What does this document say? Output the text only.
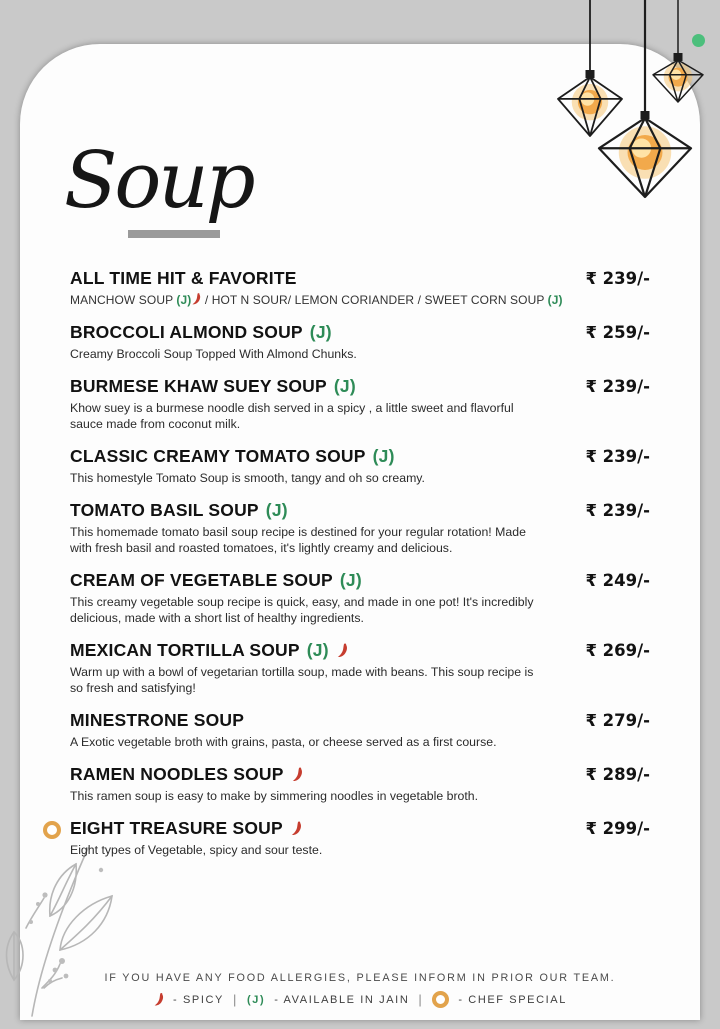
Soup
ALL TIME HIT & FAVORITE	₹ 239/-

MANCHOW SOUP (J)
/ HOT N SOUR/ LEMON CORIANDER / SWEET CORN SOUP (J)

BROCCOLI ALMOND SOUP (J)	₹ 259/-

Creamy Broccoli Soup Topped With Almond Chunks.

BURMESE KHAW SUEY SOUP (J)	₹ 239/-

Khow suey is a burmese noodle dish served in a spicy , a little sweet and flavorful sauce made from coconut milk.

CLASSIC CREAMY TOMATO SOUP (J)	₹ 239/-

This homestyle Tomato Soup is smooth, tangy and oh so creamy.

TOMATO BASIL SOUP (J)	₹ 239/-

This homemade tomato basil soup recipe is destined for your regular rotation! Made with fresh basil and roasted tomatoes, it's lightly creamy and delicious.

CREAM OF VEGETABLE SOUP (J)	₹ 249/-

This creamy vegetable soup recipe is quick, easy, and made in one pot! It's incredibly delicious, made with a short list of healthy ingredients.

MEXICAN TORTILLA SOUP (J)	₹ 269/-

Warm up with a bowl of vegetarian tortilla soup, made with beans. This soup recipe is so fresh and satisfying!

MINESTRONE SOUP	₹ 279/-

A Exotic vegetable broth with grains, pasta, or cheese served as a first course.

RAMEN NOODLES SOUP	₹ 289/-

This ramen soup is easy to make by simmering noodles in vegetable broth.

EIGHT TREASURE SOUP	₹ 299/-

Eight types of Vegetable, spicy and sour teste.

IF YOU HAVE ANY FOOD ALLERGIES, PLEASE INFORM IN PRIOR OUR TEAM.
- SPICY | (J) - AVAILABLE IN JAIN |	- CHEF SPECIAL
